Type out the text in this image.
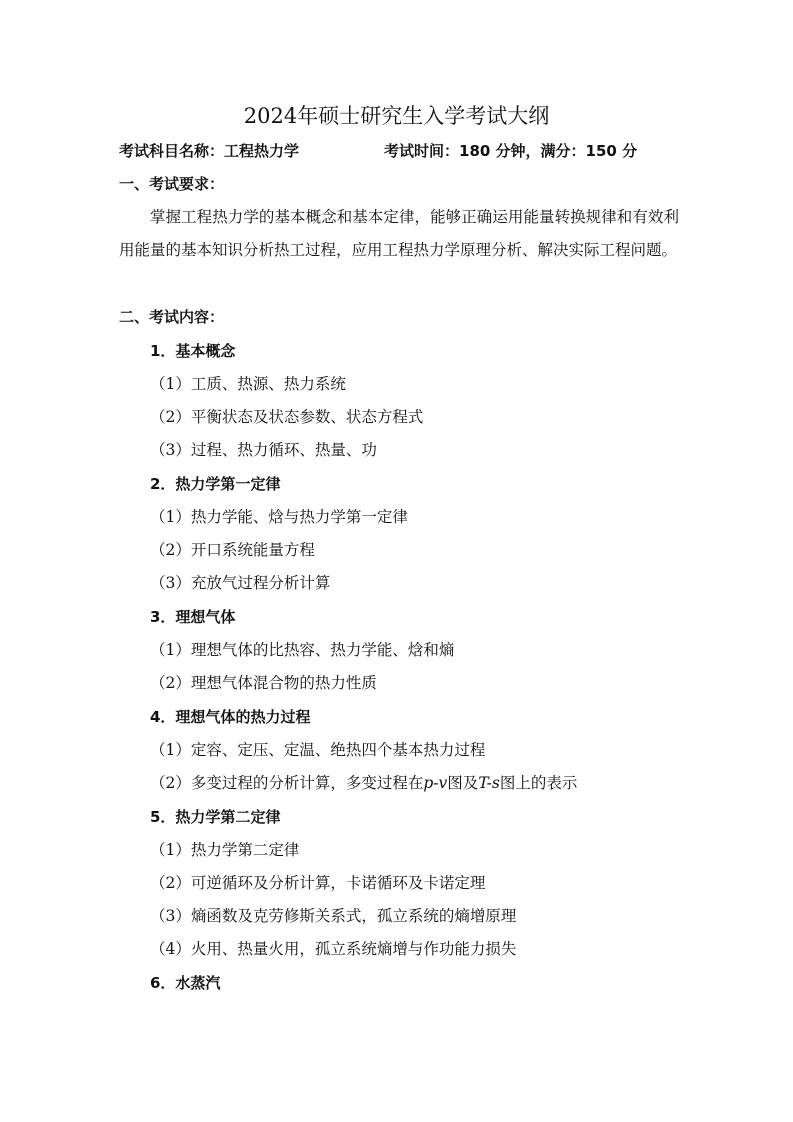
2024年硕士研究生入学考试大纲
考试科目名称：工程热力学	考试时间：180 分钟，满分：150 分
一、考试要求：
掌握工程热力学的基本概念和基本定律，能够正确运用能量转换规律和有效利用能量的基本知识分析热工过程，应用工程热力学原理分析、解决实际工程问题。
二、考试内容：
1．基本概念
（1）工质、热源、热力系统
（2）平衡状态及状态参数、状态方程式
（3）过程、热力循环、热量、功
2．热力学第一定律
（1）热力学能、焓与热力学第一定律
（2）开口系统能量方程
（3）充放气过程分析计算
3．理想气体
（1）理想气体的比热容、热力学能、焓和熵
（2）理想气体混合物的热力性质
4．理想气体的热力过程
（1）定容、定压、定温、绝热四个基本热力过程
（2）多变过程的分析计算，多变过程在p-v图及T-s图上的表示
5．热力学第二定律
（1）热力学第二定律
（2）可逆循环及分析计算，卡诺循环及卡诺定理
（3）熵函数及克劳修斯关系式，孤立系统的熵增原理
（4）火用、热量火用，孤立系统熵增与作功能力损失
6．水蒸汽
